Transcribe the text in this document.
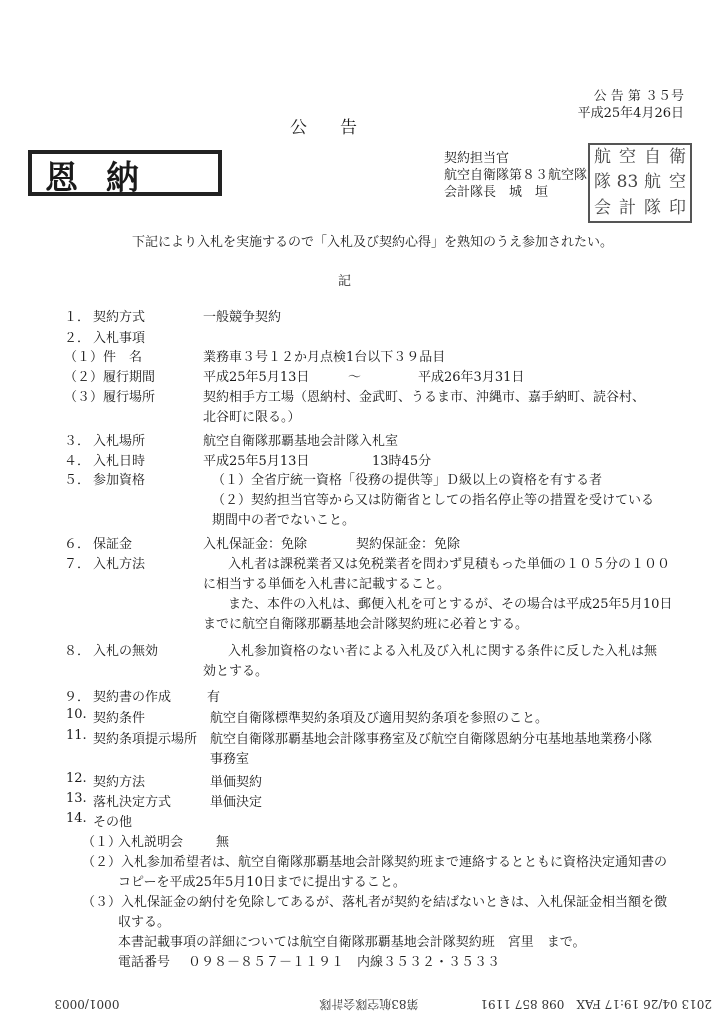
公 告 第 ３５号
平成25年4月26日
公　告
恩納	契約担当官
航空自衛隊第８３航空隊
会計隊長　城　垣
航 空 自 衛
隊 83 航 空
会 計 隊 印
下記により入札を実施するので「入札及び契約心得」を熟知のうえ参加されたい。
記
１． 契約方式	一般競争契約
２． 入札事項
（１） 件　名	業務車３号１２か月点検1台以下３９品目
（２） 履行期間	平成25年5月13日	～	平成26年3月31日
（３） 履行場所	契約相手方工場（恩納村、金武町、うるま市、沖縄市、嘉手納町、読谷村、
北谷町に限る。）
３． 入札場所	航空自衛隊那覇基地会計隊入札室
４． 入札日時	平成25年5月13日	13時45分
５． 参加資格	（１）全省庁統一資格「役務の提供等」Ｄ級以上の資格を有する者
（２）契約担当官等から又は防衛省としての指名停止等の措置を受けている
期間中の者でないこと。
６． 保証金	入札保証金：免除	契約保証金：免除
７． 入札方法	入札者は課税業者又は免税業者を問わず見積もった単価の１０５分の１００
に相当する単価を入札書に記載すること。
また、本件の入札は、郵便入札を可とするが、その場合は平成25年5月10日
までに航空自衛隊那覇基地会計隊契約班に必着とする。
８． 入札の無効	入札参加資格のない者による入札及び入札に関する条件に反した入札は無
効とする。
９． 契約書の作成	有
10. 契約条件	航空自衛隊標準契約条項及び適用契約条項を参照のこと。
11. 契約条項提示場所 航空自衛隊那覇基地会計隊事務室及び航空自衛隊恩納分屯基地基地業務小隊
事務室
12. 契約方法	単価契約
13. 落札決定方式	単価決定
14. その他
（１）
入札説明会	無
（２）入札参加希望者は、航空自衛隊那覇基地会計隊契約班まで連絡するとともに資格決定通知書の
コピーを平成25年5月10日までに提出すること。
（３）入札保証金の納付を免除してあるが、落札者が契約を結ばないときは、入札保証金相当額を徴
収する。
本書記載事項の詳細については航空自衛隊那覇基地会計隊契約班　宮里　まで。
電話番号 ０９８－８５７－１１９１　内線３５３２・３５３３
2013 04/26 19:17 FAX　098 857 1191 第83航空隊会計隊 0001/0003
